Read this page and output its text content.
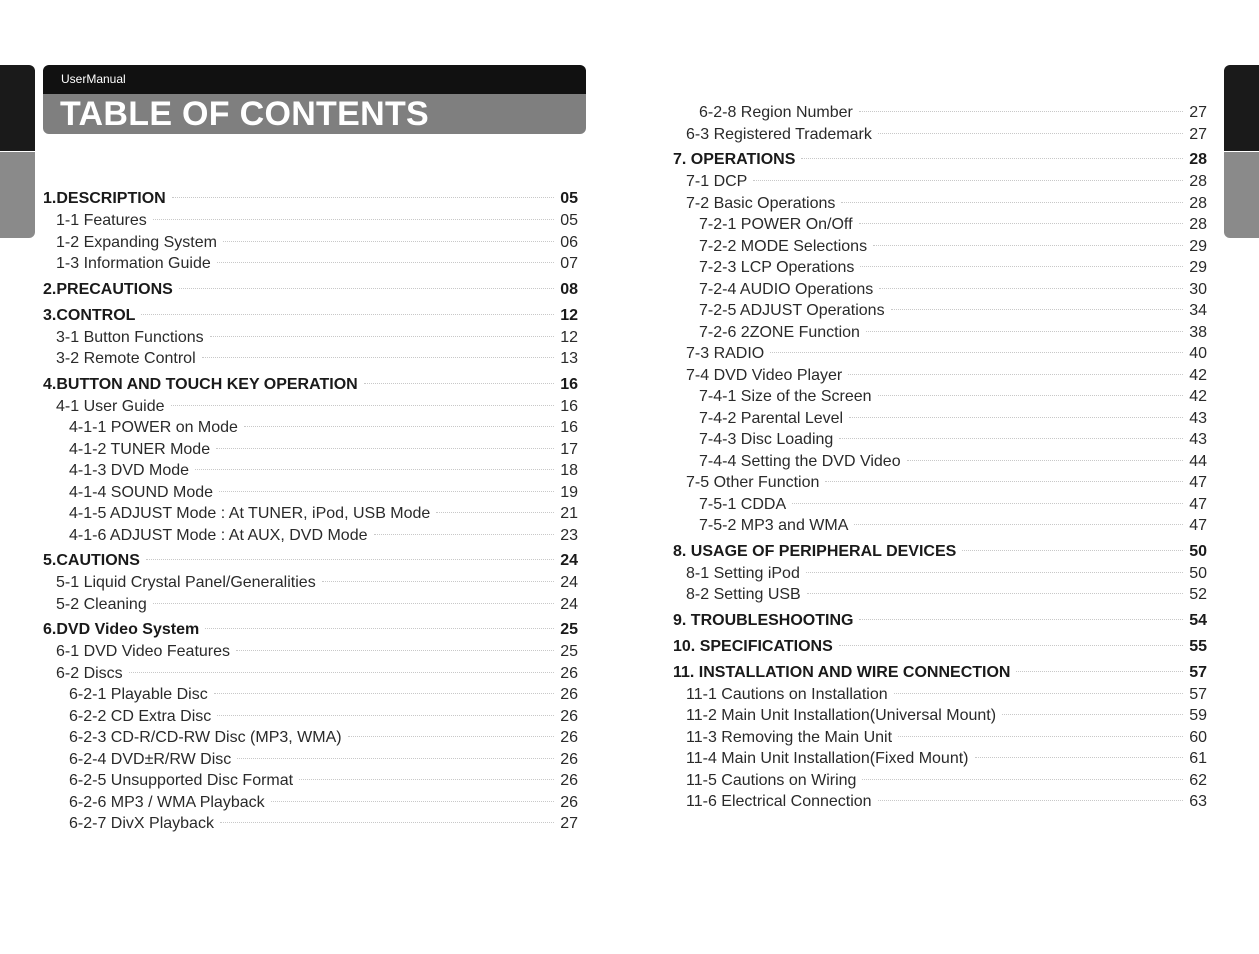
UserManual
TABLE OF CONTENTS
1.DESCRIPTION	05
1-1 Features	05
1-2 Expanding System	06
1-3 Information Guide	07
2.PRECAUTIONS	08
3.CONTROL	12
3-1 Button Functions	12
3-2 Remote Control	13
4.BUTTON AND TOUCH KEY OPERATION	16
4-1 User Guide	16
4-1-1 POWER on Mode	16
4-1-2 TUNER Mode	17
4-1-3 DVD Mode	18
4-1-4 SOUND Mode	19
4-1-5 ADJUST Mode : At TUNER, iPod, USB Mode	21
4-1-6 ADJUST Mode : At AUX, DVD Mode	23
5.CAUTIONS	24
5-1 Liquid Crystal Panel/Generalities	24
5-2 Cleaning	24
6.DVD Video System	25
6-1 DVD Video Features	25
6-2 Discs	26
6-2-1 Playable Disc	26
6-2-2 CD Extra Disc	26
6-2-3 CD-R/CD-RW Disc (MP3, WMA)	26
6-2-4 DVD±R/RW Disc	26
6-2-5 Unsupported Disc Format	26
6-2-6 MP3 / WMA Playback	26
6-2-7 DivX Playback	27
6-2-8 Region Number	27
6-3 Registered Trademark	27
7. OPERATIONS	28
7-1 DCP	28
7-2 Basic Operations	28
7-2-1 POWER On/Off	28
7-2-2 MODE Selections	29
7-2-3 LCP Operations	29
7-2-4 AUDIO Operations	30
7-2-5 ADJUST Operations	34
7-2-6 2ZONE Function	38
7-3 RADIO	40
7-4 DVD Video Player	42
7-4-1 Size of the Screen	42
7-4-2 Parental Level	43
7-4-3 Disc Loading	43
7-4-4 Setting the DVD Video	44
7-5 Other Function	47
7-5-1 CDDA	47
7-5-2 MP3 and WMA	47
8. USAGE OF PERIPHERAL DEVICES	50
8-1 Setting iPod	50
8-2 Setting USB	52
9. TROUBLESHOOTING	54
10. SPECIFICATIONS	55
11. INSTALLATION AND WIRE CONNECTION	57
11-1 Cautions on Installation	57
11-2 Main Unit Installation(Universal Mount)	59
11-3 Removing the Main Unit	60
11-4 Main Unit Installation(Fixed Mount)	61
11-5 Cautions on Wiring	62
11-6 Electrical Connection	63
